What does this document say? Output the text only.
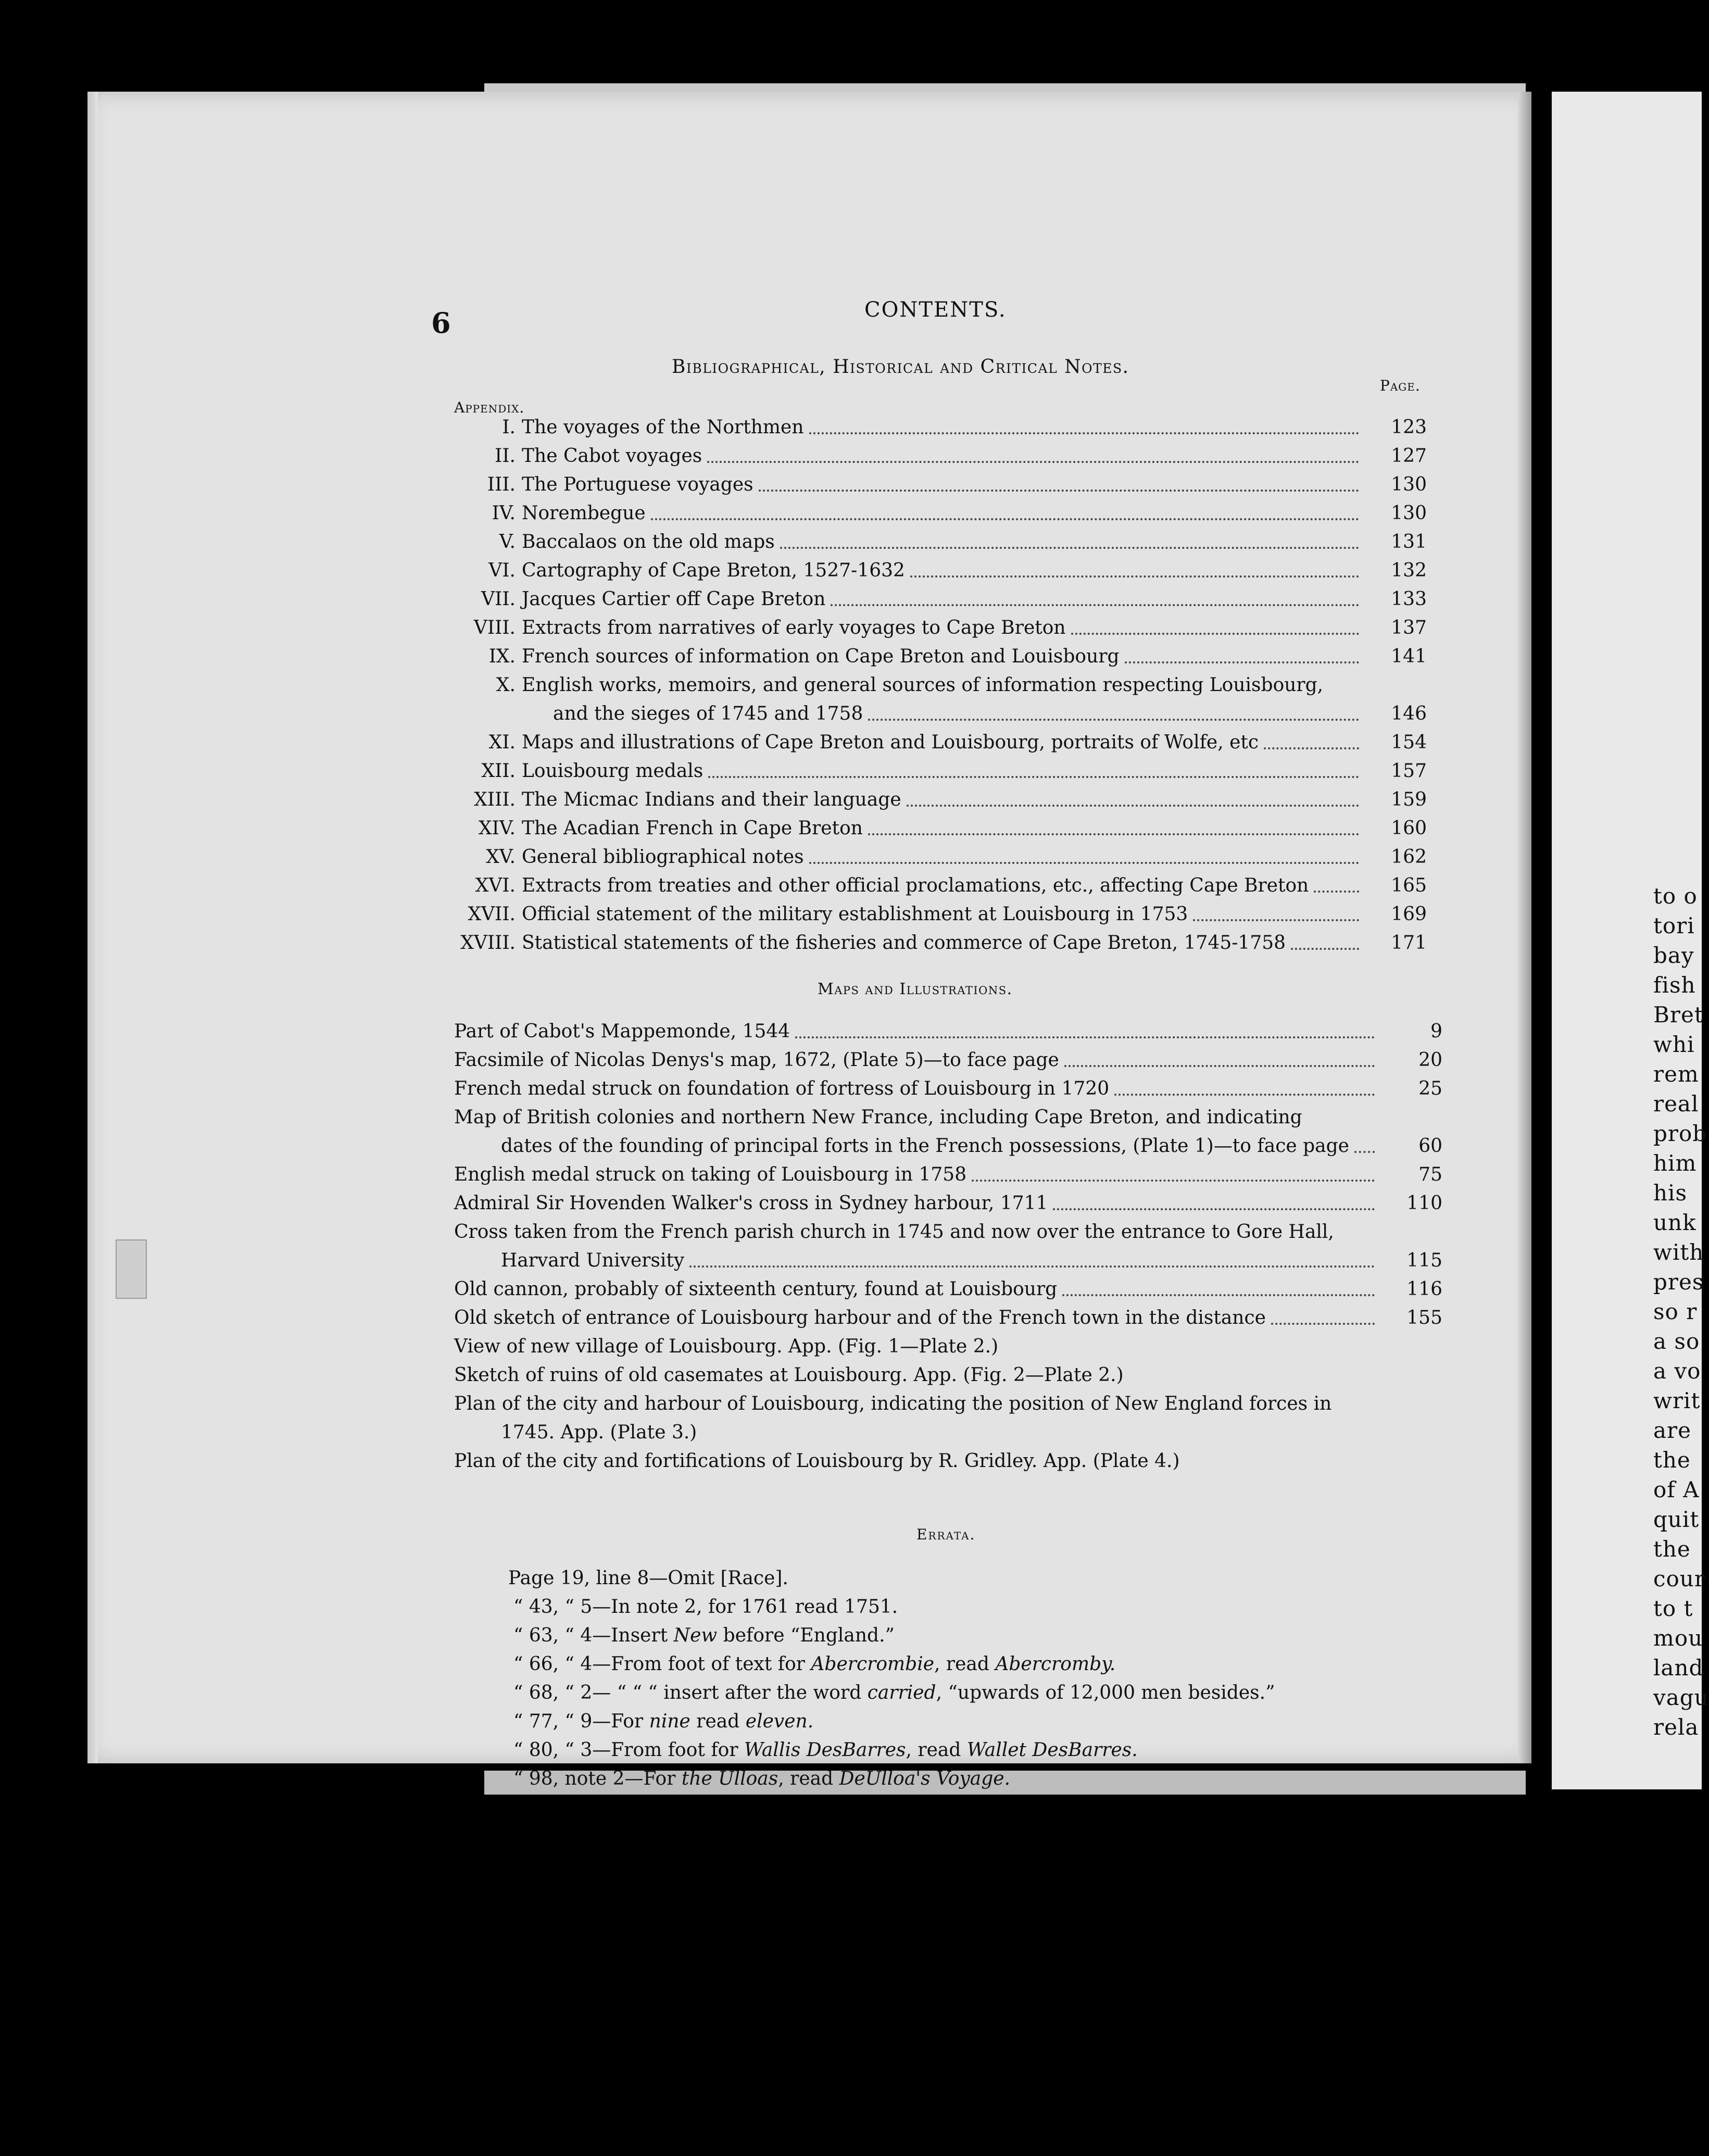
to o
tori
bay
fish
Bret
whi
rem
real
prob
him
his
unk
with
pres
so r
a so
a vo
writ
are
the
of A
quit
the
cour
to t
mou
land
vagu
rela
6	CONTENTS.
Bibliographical, Historical and Critical Notes.
Page.
Appendix.
I. The voyages of the Northmen	123
II. The Cabot voyages	127
III. The Portuguese voyages	130
IV. Norembegue	130
V. Baccalaos on the old maps	131
VI. Cartography of Cape Breton, 1527-1632	132
VII. Jacques Cartier off Cape Breton	133
VIII. Extracts from narratives of early voyages to Cape Breton	137
IX. French sources of information on Cape Breton and Louisbourg	141
X. English works, memoirs, and general sources of information respecting Louisbourg,
and the sieges of 1745 and 1758	146
XI. Maps and illustrations of Cape Breton and Louisbourg, portraits of Wolfe, etc	154
XII. Louisbourg medals	157
XIII. The Micmac Indians and their language	159
XIV. The Acadian French in Cape Breton	160
XV. General bibliographical notes	162
XVI. Extracts from treaties and other official proclamations, etc., affecting Cape Breton	165
XVII. Official statement of the military establishment at Louisbourg in 1753	169
XVIII. Statistical statements of the fisheries and commerce of Cape Breton, 1745-1758	171
Maps and Illustrations.
Part of Cabot's Mappemonde, 1544	9
Facsimile of Nicolas Denys's map, 1672, (Plate 5)—to face page	20
French medal struck on foundation of fortress of Louisbourg in 1720	25
Map of British colonies and northern New France, including Cape Breton, and indicating
dates of the founding of principal forts in the French possessions, (Plate 1)—to face page	60
English medal struck on taking of Louisbourg in 1758	75
Admiral Sir Hovenden Walker's cross in Sydney harbour, 1711	110
Cross taken from the French parish church in 1745 and now over the entrance to Gore Hall,
Harvard University	115
Old cannon, probably of sixteenth century, found at Louisbourg	116
Old sketch of entrance of Louisbourg harbour and of the French town in the distance	155
View of new village of Louisbourg. App. (Fig. 1—Plate 2.)
Sketch of ruins of old casemates at Louisbourg. App. (Fig. 2—Plate 2.)
Plan of the city and harbour of Louisbourg, indicating the position of New England forces in
1745. App. (Plate 3.)
Plan of the city and fortifications of Louisbourg by R. Gridley. App. (Plate 4.)
Errata.
Page 19, line 8—Omit [Race].
“ 43, “ 5—In note 2, for 1761 read 1751.
“ 63, “ 4—Insert New before “England.”
“ 66, “ 4—From foot of text for Abercrombie, read Abercromby.
“ 68, “ 2— “ “ “ insert after the word carried, “upwards of 12,000 men besides.”
“ 77, “ 9—For nine read eleven.
“ 80, “ 3—From foot for Wallis DesBarres, read Wallet DesBarres.
“ 98, note 2—For the Ulloas, read DeUlloa's Voyage.
